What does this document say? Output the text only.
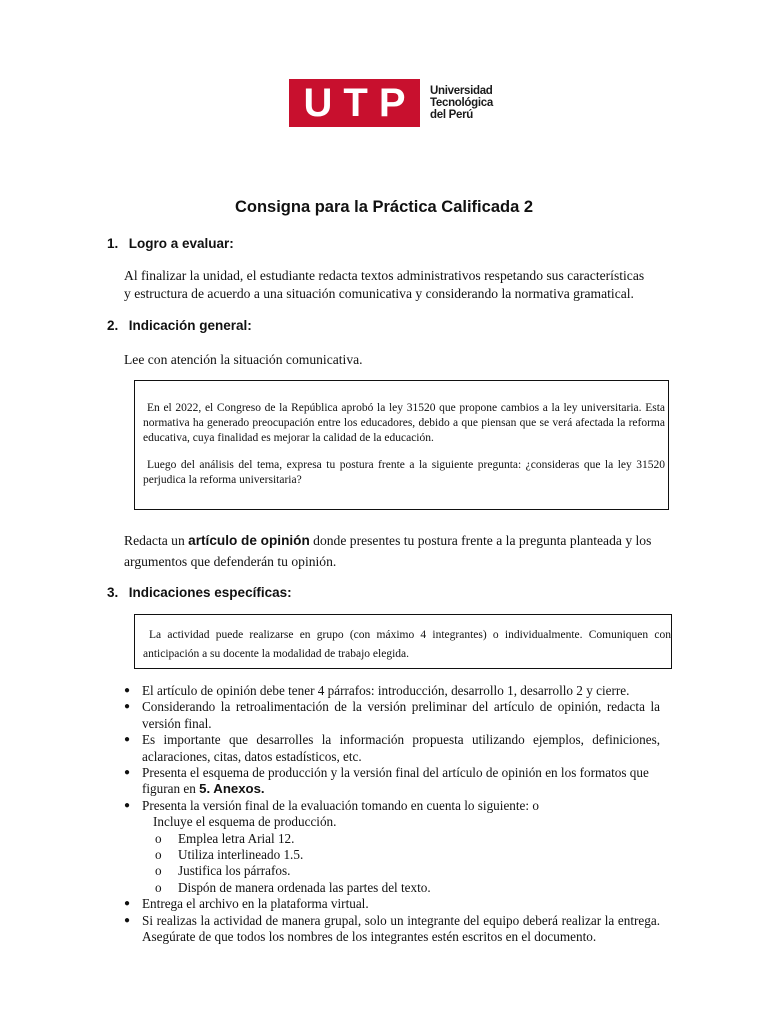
UTP Universidad
Tecnológica
del Perú
Consigna para la Práctica Calificada 2
1. Logro a evaluar:
Al finalizar la unidad, el estudiante redacta textos administrativos respetando sus características
y estructura de acuerdo a una situación comunicativa y considerando la normativa gramatical.
2. Indicación general:
Lee con atención la situación comunicativa.

En el 2022, el Congreso de la República aprobó la ley 31520 que propone cambios a la ley universitaria. Esta normativa ha generado preocupación entre los educadores, debido a que piensan que se verá afectada la reforma educativa, cuya finalidad es mejorar la calidad de la educación.

Luego del análisis del tema, expresa tu postura frente a la siguiente pregunta: ¿consideras que la ley 31520 perjudica la reforma universitaria?

Redacta un artículo de opinión donde presentes tu postura frente a la pregunta planteada y los
argumentos que defenderán tu opinión.
3. Indicaciones específicas:

La actividad puede realizarse en grupo (con máximo 4 integrantes) o individualmente. Comuniquen con anticipación a su docente la modalidad de trabajo elegida.

● El artículo de opinión debe tener 4 párrafos: introducción, desarrollo 1, desarrollo 2 y cierre.
● Considerando la retroalimentación de la versión preliminar del artículo de opinión, redacta la versión final.
● Es importante que desarrolles la información propuesta utilizando ejemplos, definiciones, aclaraciones, citas, datos estadísticos, etc.
● Presenta el esquema de producción y la versión final del artículo de opinión en los formatos que figuran en 5. Anexos.
● Presenta la versión final de la evaluación tomando en cuenta lo siguiente: o
Incluye el esquema de producción.
o Emplea letra Arial 12.
o Utiliza interlineado 1.5.
o Justifica los párrafos.
o Dispón de manera ordenada las partes del texto.
● Entrega el archivo en la plataforma virtual.
● Si realizas la actividad de manera grupal, solo un integrante del equipo deberá realizar la entrega. Asegúrate de que todos los nombres de los integrantes estén escritos en el documento.
